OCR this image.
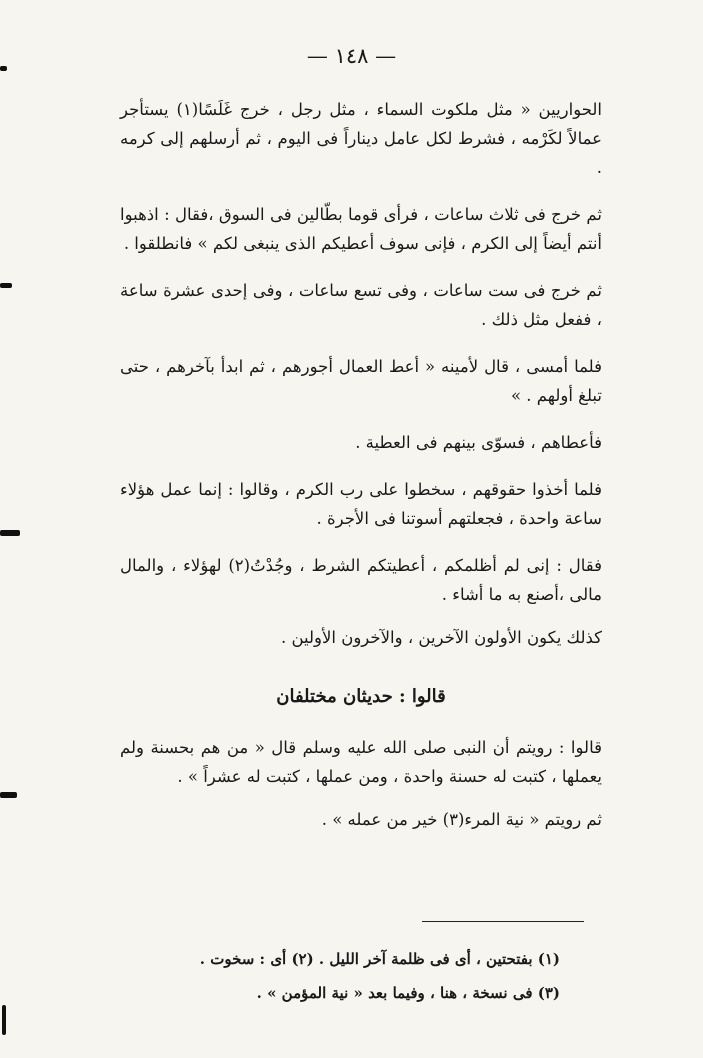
— ١٤٨ —

الحواريين « مثل ملكوت السماء ، مثل رجل ، خرج غَلَسًا(١) يستأجر عمالاً لكَرْمه ، فشرط لكل عامل ديناراً فى اليوم ، ثم أرسلهم إلى كرمه .

ثم خرج فى ثلاث ساعات ، فرأى قوما بطّالين فى السوق ،فقال : اذهبوا أنتم أيضاً إلى الكرم ، فإنى سوف أعطيكم الذى ينبغى لكم » فانطلقوا .

ثم خرج فى ست ساعات ، وفى تسع ساعات ، وفى إحدى عشرة ساعة ، ففعل مثل ذلك .

فلما أمسى ، قال لأمينه « أعط العمال أجورهم ، ثم ابدأ بآخرهم ، حتى تبلغ أولهم . »

فأعطاهم ، فسوّى بينهم فى العطية .

فلما أخذوا حقوقهم ، سخطوا على رب الكرم ، وقالوا : إنما عمل هؤلاء ساعة واحدة ، فجعلتهم أسوتنا فى الأجرة .

فقال : إنى لم أظلمكم ، أعطيتكم الشرط ، وجُدْتُ(٢) لهؤلاء ، والمال مالى ،أصنع به ما أشاء .

كذلك يكون الأولون الآخرين ، والآخرون الأولين .

قالوا : حديثان مختلفان

قالوا : رويتم أن النبى صلى الله عليه وسلم قال « من هم بحسنة ولم يعملها ، كتبت له حسنة واحدة ، ومن عملها ، كتبت له عشراً » .

ثم رويتم « نية المرء(٣) خير من عمله » .

(١) بفتحتين ، أى فى ظلمة آخر الليل . (٢) أى : سخوت .
(٣) فى نسخة ، هنا ، وفيما بعد « نية المؤمن » .
